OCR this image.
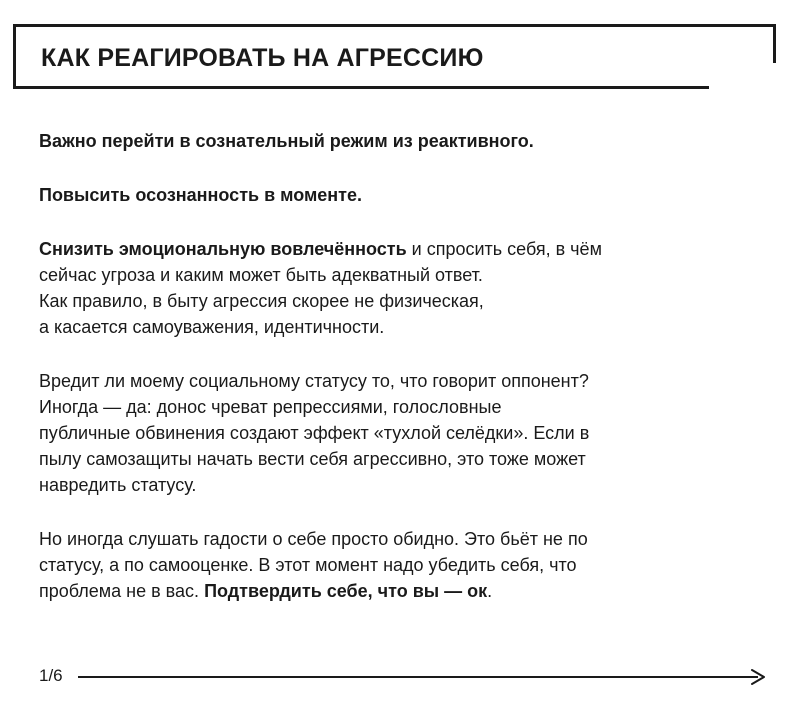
КАК РЕАГИРОВАТЬ НА АГРЕССИЮ

Важно перейти в сознательный режим из реактивного.

Повысить осознанность в моменте.

Снизить эмоциональную вовлечённость и спросить себя, в чём
сейчас угроза и каким может быть адекватный ответ.
Как правило, в быту агрессия скорее не физическая,
а касается самоуважения, идентичности.

Вредит ли моему социальному статусу то, что говорит оппонент?
Иногда — да: донос чреват репрессиями, голословные
публичные обвинения создают эффект «тухлой селёдки». Если в
пылу самозащиты начать вести себя агрессивно, это тоже может
навредить статусу.

Но иногда слушать гадости о себе просто обидно. Это бьёт не по
статусу, а по самооценке. В этот момент надо убедить себя, что
проблема не в вас. Подтвердить себе, что вы — ок.

1/6
